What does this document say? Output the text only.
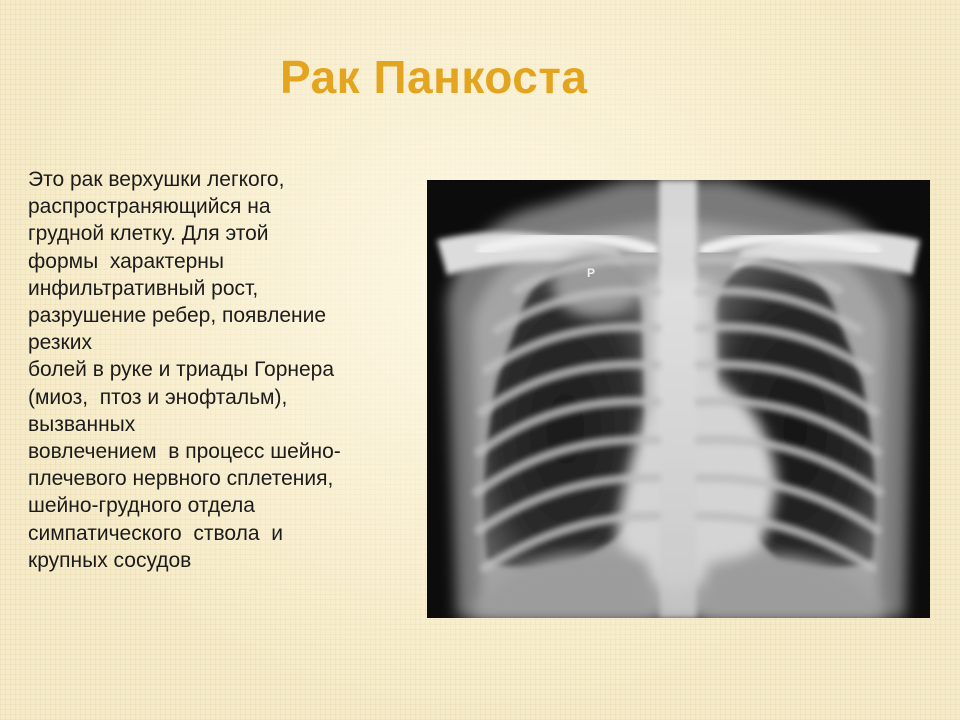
Рак Панкоста
Это рак верхушки легкого,
распространяющийся на
грудной клетку. Для этой
формы  характерны
инфильтративный рост,
разрушение ребер, появление
резких
болей в руке и триады Горнера
(миоз,  птоз и энофтальм),
вызванных
вовлечением  в процесс шейно-
плечевого нервного сплетения,
шейно-грудного отдела
симпатического  ствола  и
крупных сосудов
P
